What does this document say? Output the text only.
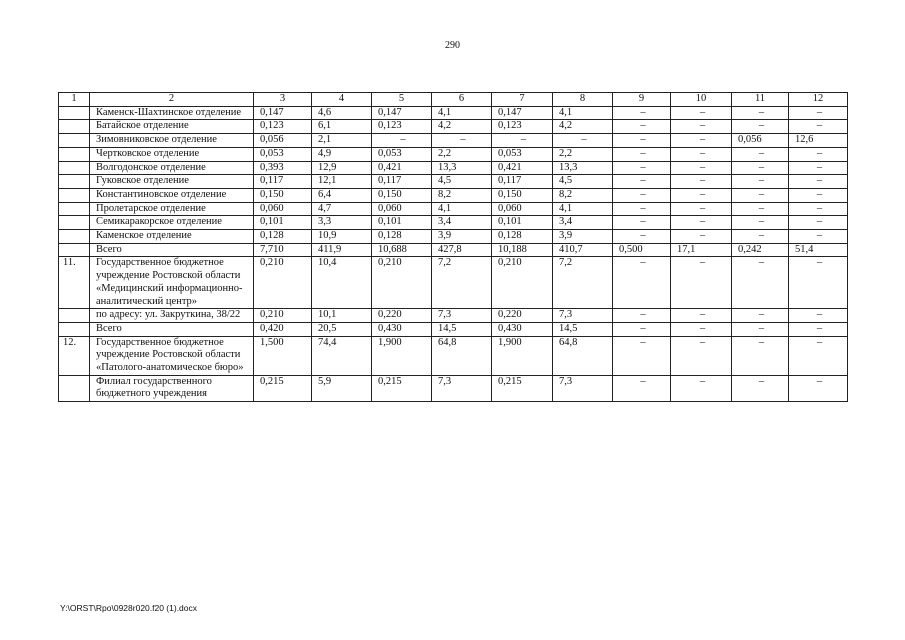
290
1	2	3	4	5	6	7	8	9	10	11	12
	Каменск-Шахтинское отделение	0,147	4,6	0,147	4,1	0,147	4,1	–	–	–	–
	Батайское отделение	0,123	6,1	0,123	4,2	0,123	4,2	–	–	–	–
	Зимовниковское отделение	0,056	2,1	–	–	–	–	–	–	0,056	12,6
	Чертковское отделение	0,053	4,9	0,053	2,2	0,053	2,2	–	–	–	–
	Волгодонское отделение	0,393	12,9	0,421	13,3	0,421	13,3	–	–	–	–
	Гуковское отделение	0,117	12,1	0,117	4,5	0,117	4,5	–	–	–	–
	Константиновское отделение	0,150	6,4	0,150	8,2	0,150	8,2	–	–	–	–
	Пролетарское отделение	0,060	4,7	0,060	4,1	0,060	4,1	–	–	–	–
	Семикаракорское отделение	0,101	3,3	0,101	3,4	0,101	3,4	–	–	–	–
	Каменское отделение	0,128	10,9	0,128	3,9	0,128	3,9	–	–	–	–
	Всего	7,710	411,9	10,688	427,8	10,188	410,7	0,500	17,1	0,242	51,4
11.	Государственное бюджетное учреждение Ростовской области «Медицинский информационно-аналитический центр»	0,210	10,4	0,210	7,2	0,210	7,2	–	–	–	–
	по адресу: ул. Закруткина, 38/22	0,210	10,1	0,220	7,3	0,220	7,3	–	–	–	–
	Всего	0,420	20,5	0,430	14,5	0,430	14,5	–	–	–	–
12.	Государственное бюджетное учреждение Ростовской области «Патолого-анатомическое бюро»	1,500	74,4	1,900	64,8	1,900	64,8	–	–	–	–
	Филиал государственного бюджетного учреждения	0,215	5,9	0,215	7,3	0,215	7,3	–	–	–	–
Y:\ORST\Rpo\0928r020.f20 (1).docx
